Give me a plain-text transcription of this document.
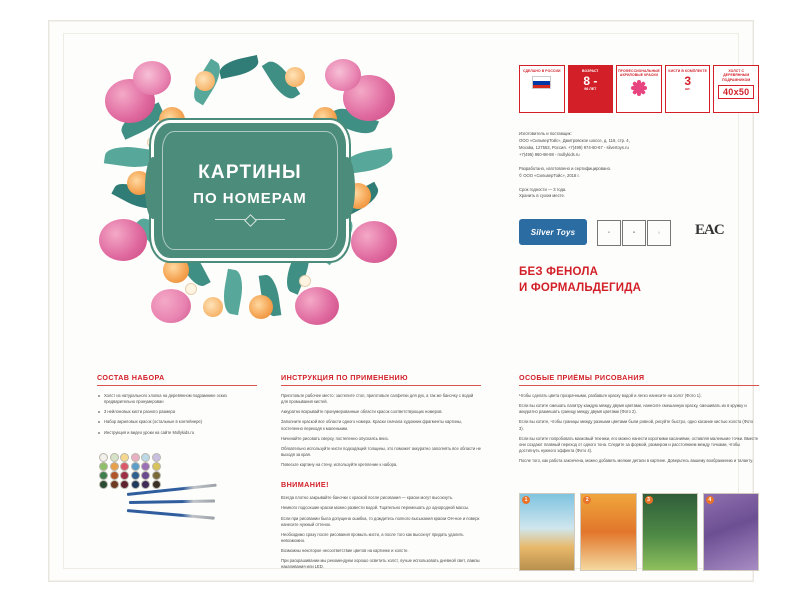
КАРТИНЫ
ПО НОМЕРАМ
СДЕЛАНО В РОССИИ	ВОЗРАСТ
8 -
98 ЛЕТ
ПРОФЕССИОНАЛЬНЫЕ АКРИЛОВЫЕ КРАСКИ
КИСТИ В КОМПЛЕКТЕ
3
шт.
ХОЛСТ С ДЕРЕВЯННЫМ ПОДРАМНИКОМ
40x50

Изготовитель и поставщик:
ООО «СильверТойс», Дмитровское шоссе, д. 116, стр. 4,
Москва, 127553, Россия. +7(499) 974-60-67 - silvertoys.ru
+7(495) 960-98-98 - mollykids.ru

Разработано, изготовлено и сертифицировано.
© ООО «СильверТойс», 2018 г.

Срок годности — 3 года.
Хранить в сухом месте.

Silver Toys	⊘	♻	△ EAC
БЕЗ ФЕНОЛА
И ФОРМАЛЬДЕГИДА
СОСТАВ НАБОРА
Холст из натурального хлопка на деревянном подрамнике эскиз предварительно пронумерован
3 нейлоновых кисти разного размера
Набор акриловых красок (остальные в контейнере)
Инструкция и видео уроки на сайте Mollykids.ru
ИНСТРУКЦИЯ ПО ПРИМЕНЕНИЮ

Приготовьте рабочее место: застелите стол, приготовьте салфетки для рук, а так же баночку с водой для промывания кистей.

Аккуратно вскрывайте пронумерованные области красок соответствующих номеров.

Заполните краской все области одного номера. Краски сначала художник фрагменты картины, постепенно переходя к маленьким.

Начинайте рисовать сверху, постепенно опускаясь вниз.

Обязательно используйте кисти подходящей толщины, это поможет аккуратно заполнять все области не выходя за края.

Повесьте картину на стену, используйте крепление к набора.

ВНИМАНИЕ!

Всегда плотно закрывайте баночки с краской после рисования — краски могут высохнуть.

Немного подсохшие краски можно развести водой. Тщательно перемешать до однородной массы.

Если при рисовании была допущена ошибка, то дождитесь полного высыхания краски ОН-ное и поверх нанесите нужный оттенок.

Необходимо сразу после рисования промыть кисти, а после того как высохнут придать удалить невозможно.

Возможны некоторое несоответствие цветов на картинке и холсте.

При раскрашивании мы рекомендуем хорошо осветить холст, лучше использовать дневной свет, лампы накаливания или LED.

ОСОБЫЕ ПРИЁМЫ РИСОВАНИЯ

Чтобы сделать цвета прозрачными, разбавьте краску водой и легко нанесите на холст (Фото 1).

Если вы хотите смешать палитру каждую между двумя цветами, нанесите смешанную краску, смешивать их в кружку и аккуратно размешать границу между двумя цветами (Фото 2).

Если вы хотите, чтобы границы между разными цветами были ровной, рисуйте быстро, одно касание кистью холста (Фото 3).

Если вы хотите попробовать мазковый техники, его можно нанести короткими касаниями, оставляя маленькие точки. Вместе они создают плавный переход от одного тона. Следите за формой, размером и расстоянием между точками, чтобы достигнуть нужного эффекта (Фото 4).

После того, как работа закончена, можно добавить мелкие детали в картине. Доверьтесь вашему воображению и таланту.

1	2	3	4
